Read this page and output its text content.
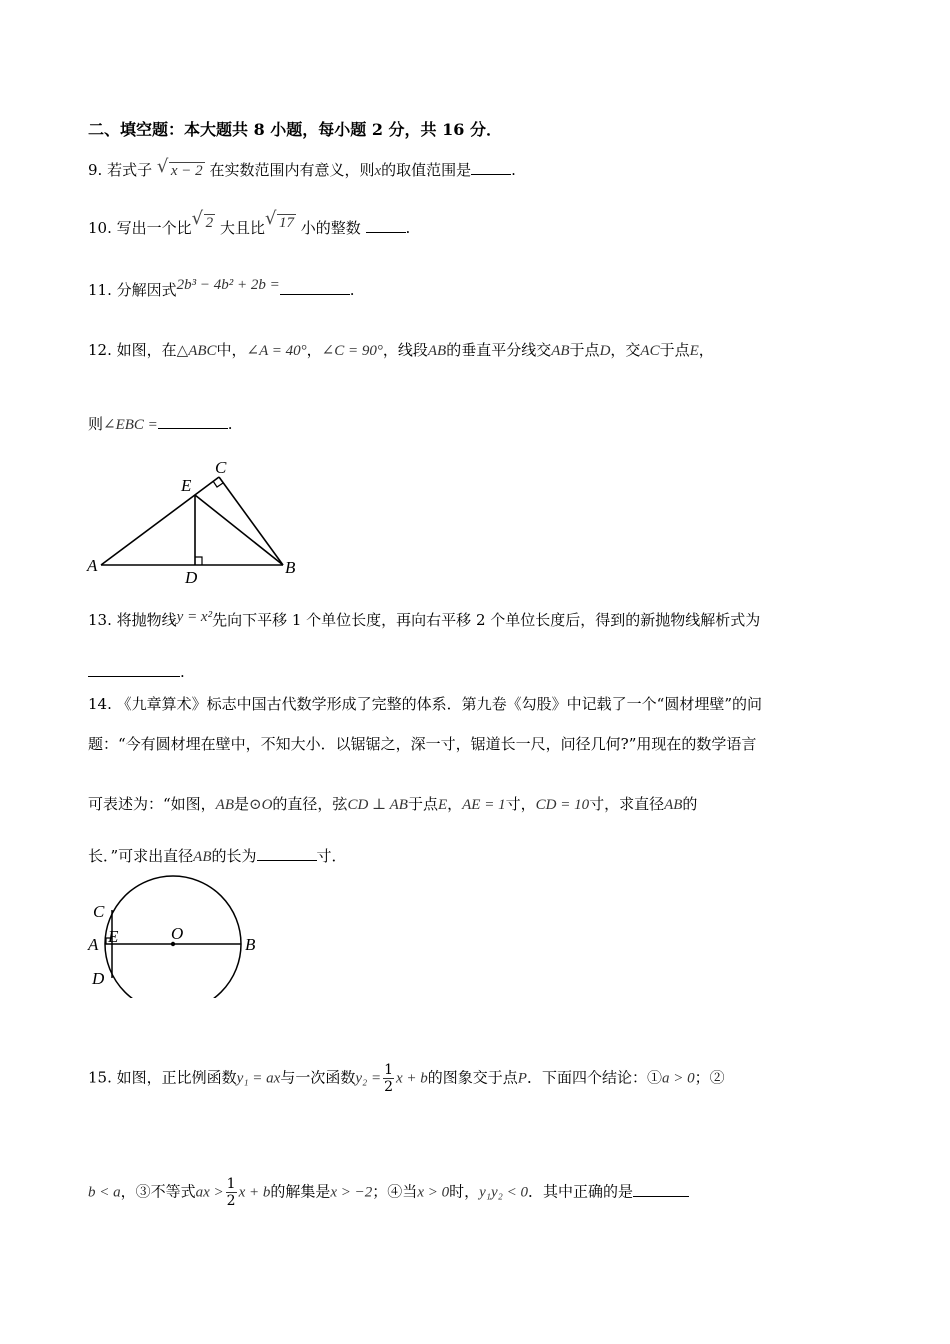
二、填空题：本大题共 8 小题，每小题 2 分，共 16 分．
9. 若式子 √ x − 2 在实数范围内有意义，则x的取值范围是	.
10. 写出一个比 √ 2 大且比 √ 17 小的整数	.
11. 分解因式2b³ − 4b² + 2b =	.
12. 如图，在△ABC中，∠A = 40°，∠C = 90°，线段AB的垂直平分线交AB于点D，交AC于点E，
则∠EBC =	.
A	B
C
D
E
13. 将抛物线y = x²先向下平移 1 个单位长度，再向右平移 2 个单位长度后，得到的新抛物线解析式为
.
14. 《九章算术》标志中国古代数学形成了完整的体系．第九卷《勾股》中记载了一个“圆材埋壁”的问
题：“今有圆材埋在壁中，不知大小．以锯锯之，深一寸，锯道长一尺，问径几何?”用现在的数学语言
可表述为：“如图，AB是⊙O的直径，弦CD ⊥ AB于点E，AE = 1寸，CD = 10寸，求直径AB的
长．”可求出直径AB的长为	寸．
C
A E	O
B
D
15. 如图，正比例函数y₁ = ax与一次函数$y_2 = \frac{1}{2}$ x + b的图象交于点P．下面四个结论：①a > 0；②
b < a，③不等式ax > $\frac{1}{2}$ x + b的解集是x > −2；④当x > 0时，y₁y₂ < 0．其中正确的是
